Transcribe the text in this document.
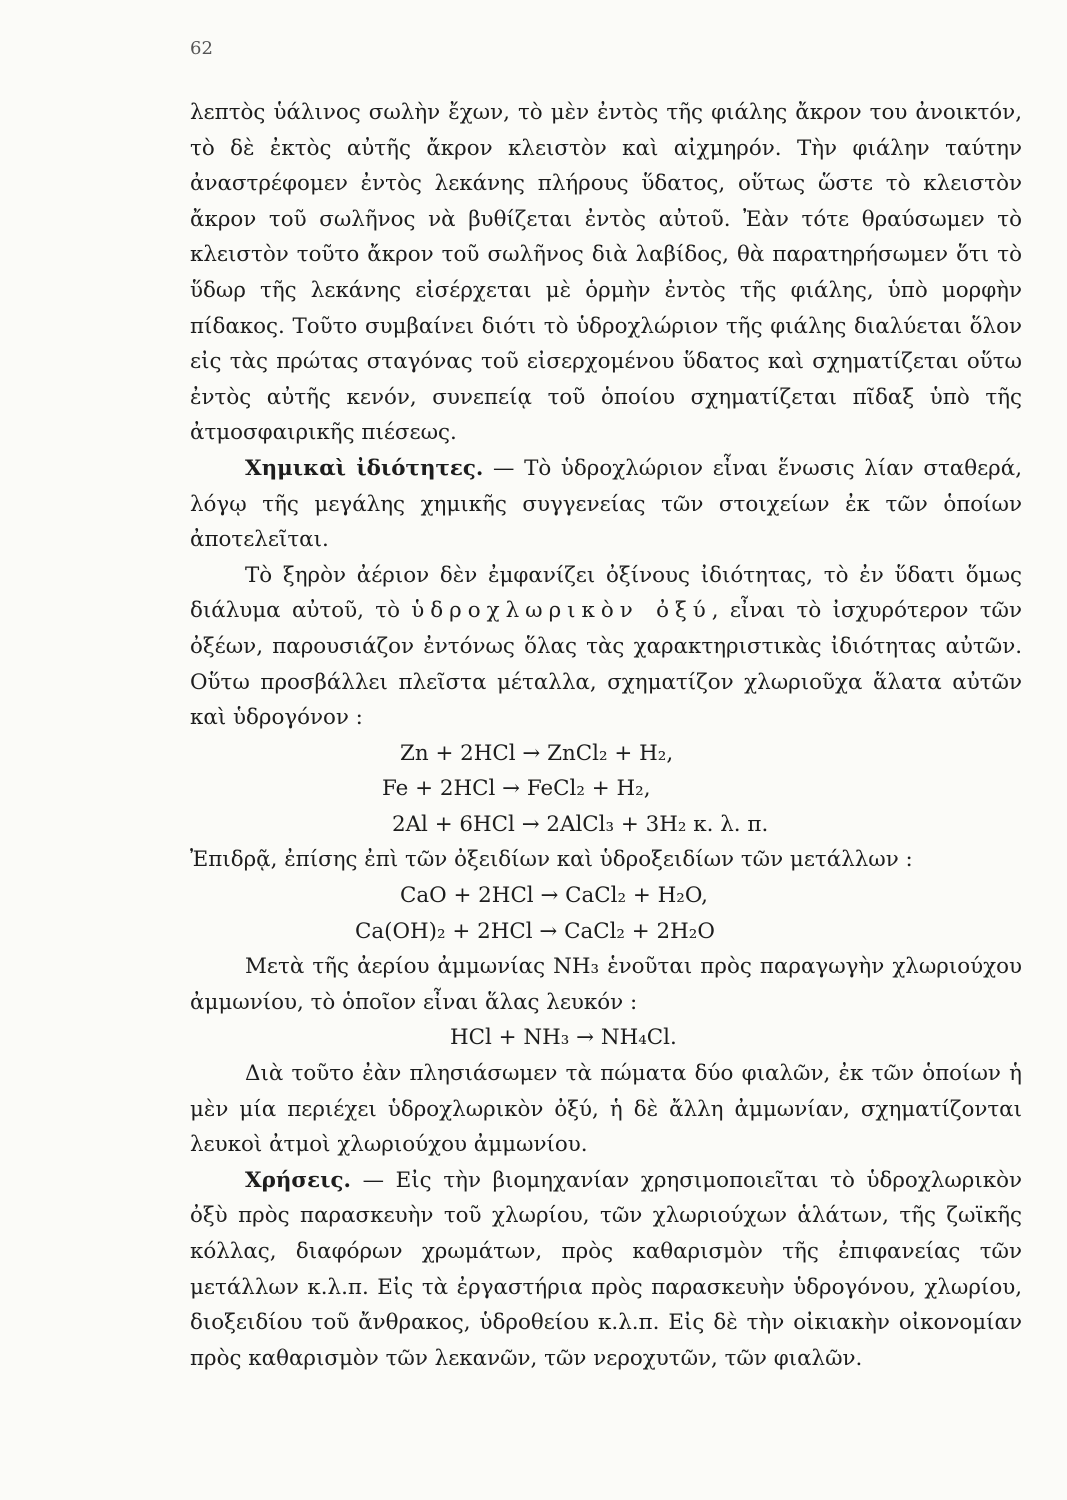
62

λεπτὸς ὑάλινος σωλὴν ἔχων, τὸ μὲν ἐντὸς τῆς φιάλης ἄκρον του ἀνοικτόν, τὸ δὲ ἐκτὸς αὐτῆς ἄκρον κλειστὸν καὶ αἰχμηρόν. Τὴν φιάλην ταύτην ἀναστρέφομεν ἐντὸς λεκάνης πλήρους ὕδατος, οὕτως ὥστε τὸ κλειστὸν ἄκρον τοῦ σωλῆνος νὰ βυθίζεται ἐντὸς αὐτοῦ. Ἐὰν τότε θραύσωμεν τὸ κλειστὸν τοῦτο ἄκρον τοῦ σωλῆνος διὰ λαβίδος, θὰ παρατηρήσωμεν ὅτι τὸ ὕδωρ τῆς λεκάνης εἰσέρχεται μὲ ὁρμὴν ἐντὸς τῆς φιάλης, ὑπὸ μορφὴν πίδακος. Τοῦτο συμβαίνει διότι τὸ ὑδροχλώριον τῆς φιάλης διαλύεται ὅλον εἰς τὰς πρώτας σταγόνας τοῦ εἰσερχομένου ὕδατος καὶ σχηματίζεται οὕτω ἐντὸς αὐτῆς κενόν, συνεπείᾳ τοῦ ὁποίου σχηματίζεται πῖδαξ ὑπὸ τῆς ἀτμοσφαιρικῆς πιέσεως.

Χημικαὶ ἰδιότητες. — Τὸ ὑδροχλώριον εἶναι ἕνωσις λίαν σταθερά, λόγῳ τῆς μεγάλης χημικῆς συγγενείας τῶν στοιχείων ἐκ τῶν ὁποίων ἀποτελεῖται.

Τὸ ξηρὸν ἀέριον δὲν ἐμφανίζει ὀξίνους ἰδιότητας, τὸ ἐν ὕδατι ὅμως διάλυμα αὐτοῦ, τὸ ὑδροχλωρικὸν ὀξύ, εἶναι τὸ ἰσχυρότερον τῶν ὀξέων, παρουσιάζον ἐντόνως ὅλας τὰς χαρακτηριστικὰς ἰδιότητας αὐτῶν. Οὕτω προσβάλλει πλεῖστα μέταλλα, σχηματίζον χλωριοῦχα ἅλατα αὐτῶν καὶ ὑδρογόνον :

Zn + 2HCl → ZnCl₂ + H₂,

Fe + 2HCl → FeCl₂ + H₂,

2Al + 6HCl → 2AlCl₃ + 3H₂ κ. λ. π.

Ἐπιδρᾷ, ἐπίσης ἐπὶ τῶν ὀξειδίων καὶ ὑδροξειδίων τῶν μετάλλων :

CaO + 2HCl → CaCl₂ + H₂O,

Ca(OH)₂ + 2HCl → CaCl₂ + 2H₂O

Μετὰ τῆς ἀερίου ἀμμωνίας NH₃ ἑνοῦται πρὸς παραγωγὴν χλωριούχου ἀμμωνίου, τὸ ὁποῖον εἶναι ἅλας λευκόν :

HCl + NH₃ → NH₄Cl.

Διὰ τοῦτο ἐὰν πλησιάσωμεν τὰ πώματα δύο φιαλῶν, ἐκ τῶν ὁποίων ἡ μὲν μία περιέχει ὑδροχλωρικὸν ὀξύ, ἡ δὲ ἄλλη ἀμμωνίαν, σχηματίζονται λευκοὶ ἀτμοὶ χλωριούχου ἀμμωνίου.

Χρήσεις. — Εἰς τὴν βιομηχανίαν χρησιμοποιεῖται τὸ ὑδροχλωρικὸν ὀξὺ πρὸς παρασκευὴν τοῦ χλωρίου, τῶν χλωριούχων ἁλάτων, τῆς ζωϊκῆς κόλλας, διαφόρων χρωμάτων, πρὸς καθαρισμὸν τῆς ἐπιφανείας τῶν μετάλλων κ.λ.π. Εἰς τὰ ἐργαστήρια πρὸς παρασκευὴν ὑδρογόνου, χλωρίου, διοξειδίου τοῦ ἄνθρακος, ὑδροθείου κ.λ.π. Εἰς δὲ τὴν οἰκιακὴν οἰκονομίαν πρὸς καθαρισμὸν τῶν λεκανῶν, τῶν νεροχυτῶν, τῶν φιαλῶν.
